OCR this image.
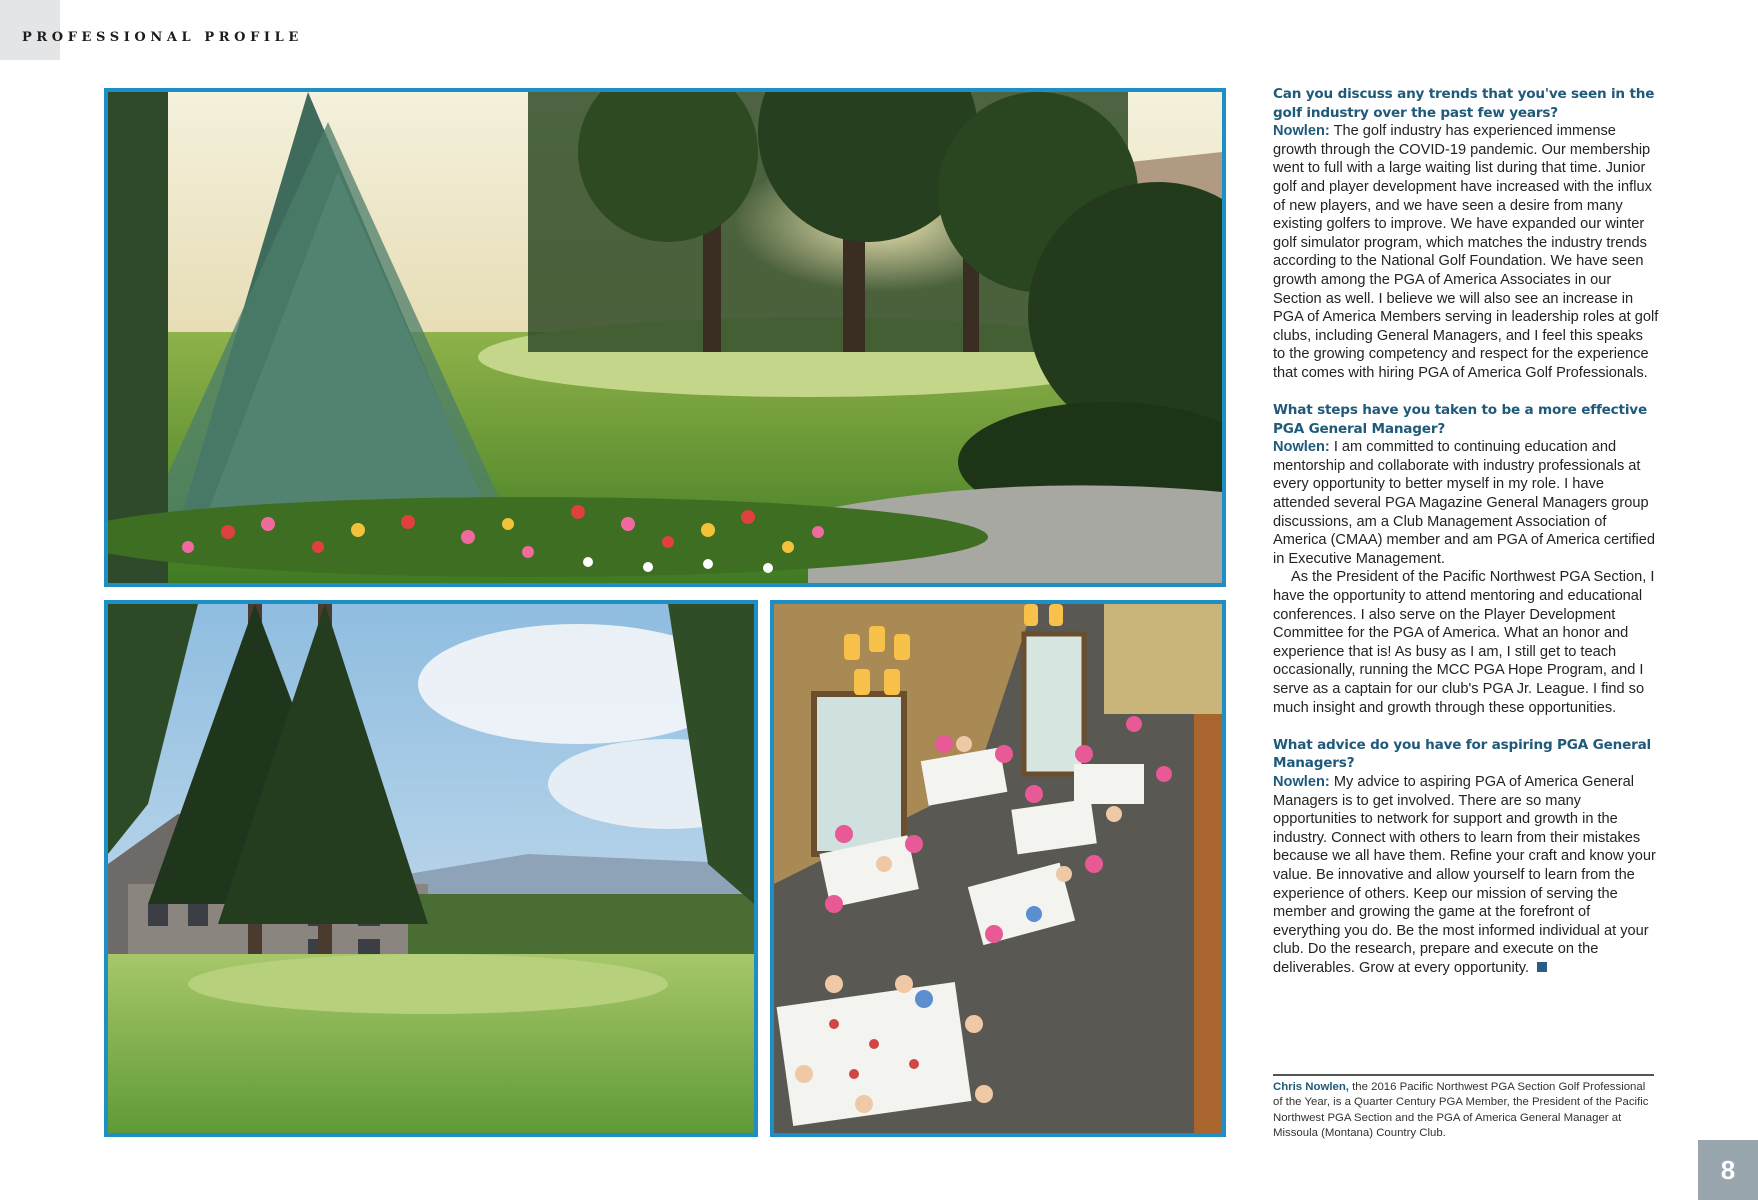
PROFESSIONAL PROFILE
Can you discuss any trends that you've seen in the golf industry over the past few years?

Nowlen: The golf industry has experienced immense growth through the COVID-19 pandemic. Our membership went to full with a large waiting list during that time. Junior golf and player development have increased with the influx of new players, and we have seen a desire from many existing golfers to improve. We have expanded our winter golf simulator program, which matches the industry trends according to the National Golf Foundation. We have seen growth among the PGA of America Associates in our Section as well. I believe we will also see an increase in PGA of America Members serving in leadership roles at golf clubs, including General Managers, and I feel this speaks to the growing competency and respect for the experience that comes with hiring PGA of America Golf Professionals.

What steps have you taken to be a more effective PGA General Manager?

Nowlen: I am committed to continuing education and mentorship and collaborate with industry professionals at every opportunity to better myself in my role. I have attended several PGA Magazine General Managers group discussions, am a Club Management Association of America (CMAA) member and am PGA of America certified in Executive Management.

As the President of the Pacific Northwest PGA Section, I have the opportunity to attend mentoring and educational conferences. I also serve on the Player Development Committee for the PGA of America. What an honor and experience that is! As busy as I am, I still get to teach occasionally, running the MCC PGA Hope Program, and I serve as a captain for our club's PGA Jr. League. I find so much insight and growth through these opportunities.

What advice do you have for aspiring PGA General Managers?

Nowlen: My advice to aspiring PGA of America General Managers is to get involved. There are so many opportunities to network for support and growth in the industry. Connect with others to learn from their mistakes because we all have them. Refine your craft and know your value. Be innovative and allow yourself to learn from the experience of others. Keep our mission of serving the member and growing the game at the forefront of everything you do. Be the most informed individual at your club. Do the research, prepare and execute on the deliverables. Grow at every opportunity.

Chris Nowlen, the 2016 Pacific Northwest PGA Section Golf Professional of the Year, is a Quarter Century PGA Member, the President of the Pacific Northwest PGA Section and the PGA of America General Manager at Missoula (Montana) Country Club.
8
